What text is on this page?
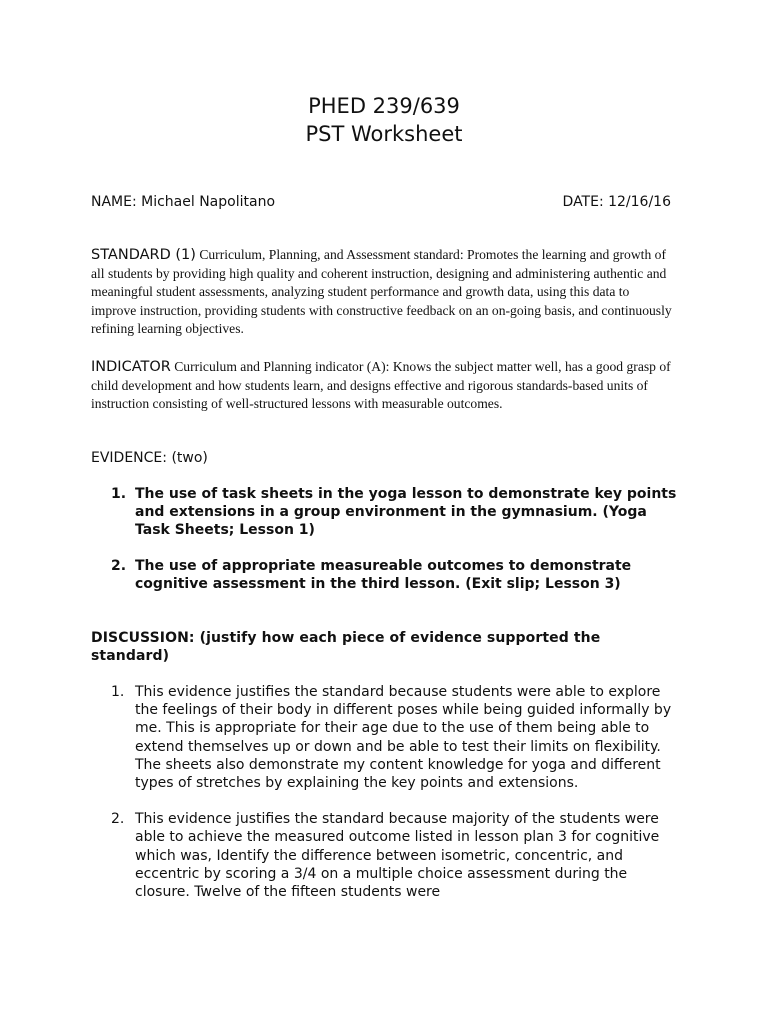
PHED 239/639
PST Worksheet
NAME: Michael Napolitano	DATE: 12/16/16
STANDARD (1) Curriculum, Planning, and Assessment standard: Promotes the learning and growth of all students by providing high quality and coherent instruction, designing and administering authentic and meaningful student assessments, analyzing student performance and growth data, using this data to improve instruction, providing students with constructive feedback on an on-going basis, and continuously refining learning objectives.
INDICATOR Curriculum and Planning indicator (A): Knows the subject matter well, has a good grasp of child development and how students learn, and designs effective and rigorous standards-based units of instruction consisting of well-structured lessons with measurable outcomes.
EVIDENCE: (two)
1. The use of task sheets in the yoga lesson to demonstrate key points and extensions in a group environment in the gymnasium. (Yoga Task Sheets; Lesson 1)
2. The use of appropriate measureable outcomes to demonstrate cognitive assessment in the third lesson. (Exit slip; Lesson 3)
DISCUSSION: (justify how each piece of evidence supported the standard)
1. This evidence justifies the standard because students were able to explore the feelings of their body in different poses while being guided informally by me. This is appropriate for their age due to the use of them being able to extend themselves up or down and be able to test their limits on flexibility. The sheets also demonstrate my content knowledge for yoga and different types of stretches by explaining the key points and extensions.
2. This evidence justifies the standard because majority of the students were able to achieve the measured outcome listed in lesson plan 3 for cognitive which was, Identify the difference between isometric, concentric, and eccentric by scoring a 3/4 on a multiple choice assessment during the closure. Twelve of the fifteen students were
